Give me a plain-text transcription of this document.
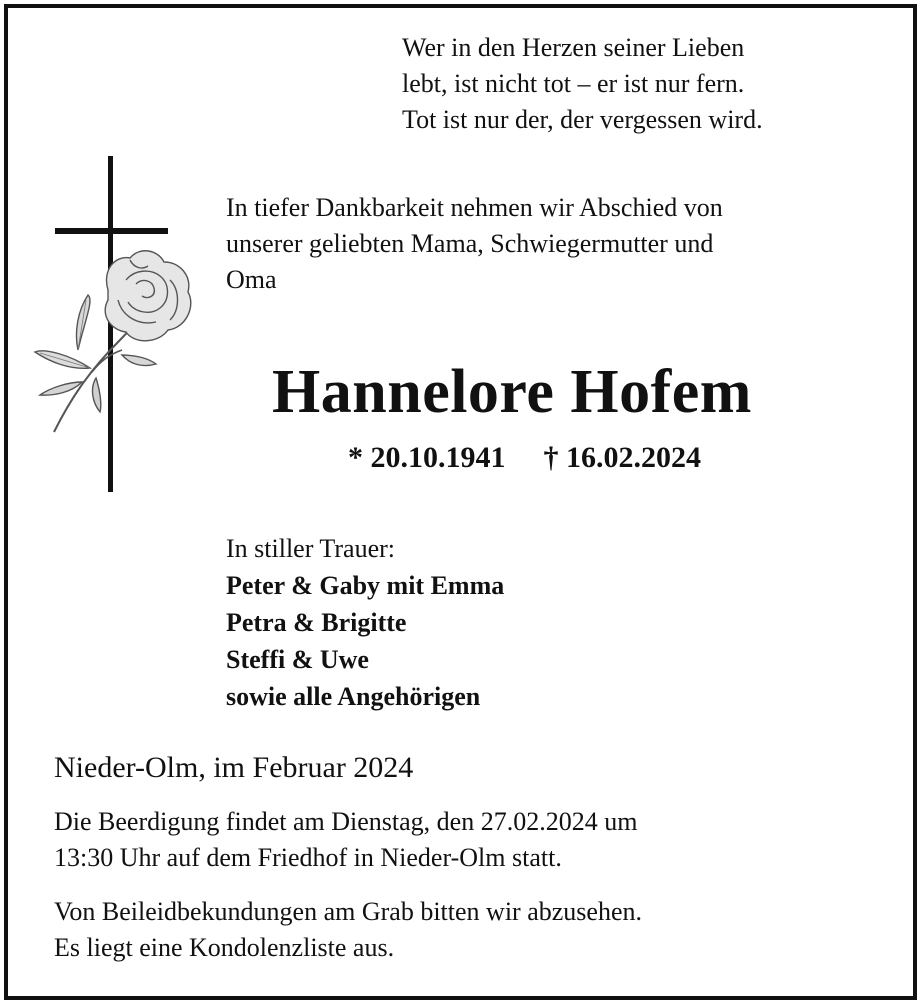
Wer in den Herzen seiner Lieben
lebt, ist nicht tot – er ist nur fern.
Tot ist nur der, der vergessen wird.
In tiefer Dankbarkeit nehmen wir Abschied von
unserer geliebten Mama, Schwiegermutter und
Oma
Hannelore Hofem
* 20.10.1941 † 16.02.2024
In stiller Trauer:
Peter & Gaby mit Emma
Petra & Brigitte
Steffi & Uwe
sowie alle Angehörigen
Nieder-Olm, im Februar 2024
Die Beerdigung findet am Dienstag, den 27.02.2024 um
13:30 Uhr auf dem Friedhof in Nieder-Olm statt.
Von Beileidbekundungen am Grab bitten wir abzusehen.
Es liegt eine Kondolenzliste aus.
